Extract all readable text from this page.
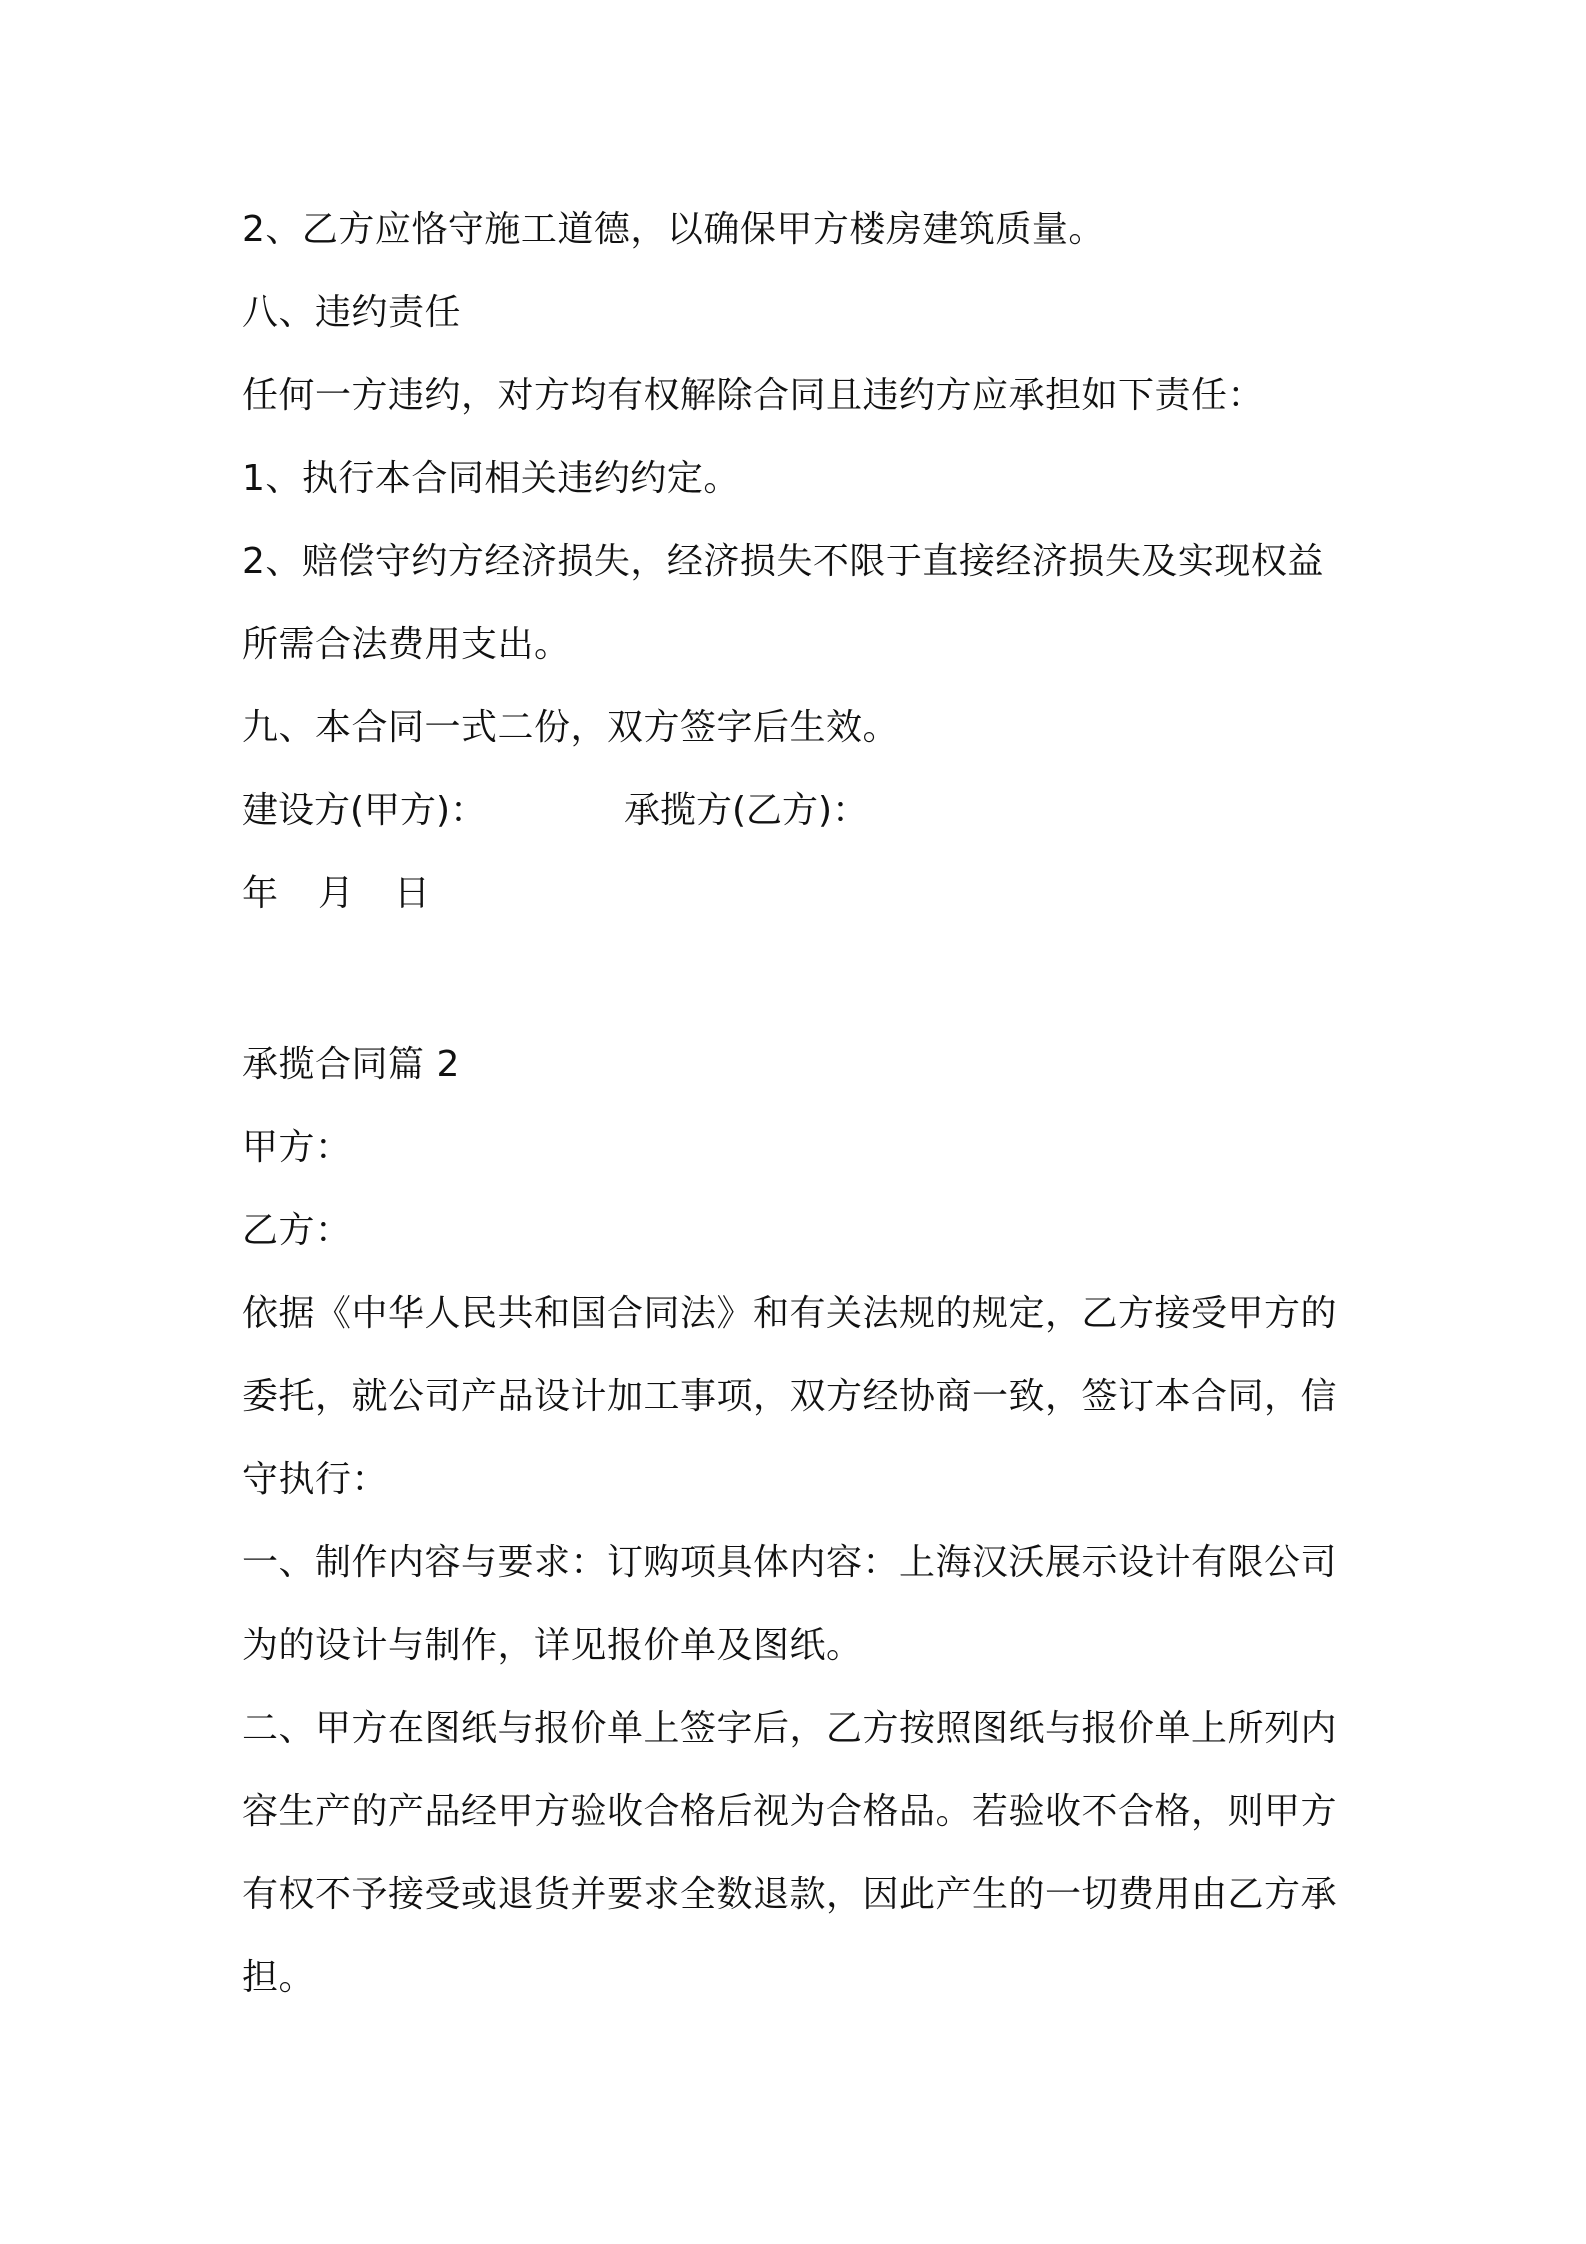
2、乙方应恪守施工道德，以确保甲方楼房建筑质量。
八、违约责任
任何一方违约，对方均有权解除合同且违约方应承担如下责任：
1、执行本合同相关违约约定。
2、赔偿守约方经济损失，经济损失不限于直接经济损失及实现权益
所需合法费用支出。
九、本合同一式二份，双方签字后生效。
建设方(甲方)：	承揽方(乙方)：
年 月 日
承揽合同篇 2
甲方：
乙方：
依据《中华人民共和国合同法》和有关法规的规定，乙方接受甲方的
委托，就公司产品设计加工事项，双方经协商一致，签订本合同，信
守执行：
一、制作内容与要求：订购项具体内容：上海汉沃展示设计有限公司
为的设计与制作，详见报价单及图纸。
二、甲方在图纸与报价单上签字后，乙方按照图纸与报价单上所列内
容生产的产品经甲方验收合格后视为合格品。若验收不合格，则甲方
有权不予接受或退货并要求全数退款，因此产生的一切费用由乙方承
担。
